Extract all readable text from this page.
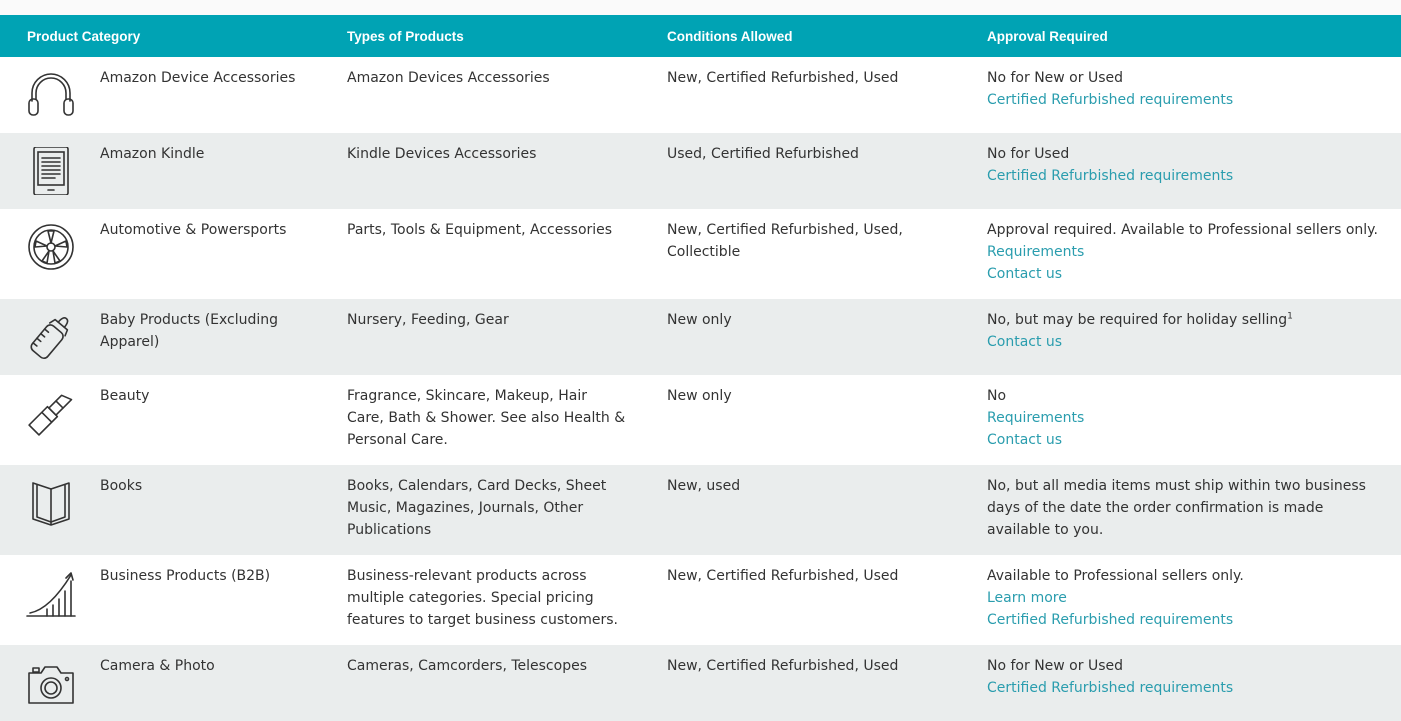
Product Category	Types of Products	Conditions Allowed	Approval Required

Amazon Device Accessories	Amazon Devices Accessories	New, Certified Refurbished, Used	No for New or Used
Certified Refurbished requirements

Amazon Kindle	Kindle Devices Accessories	Used, Certified Refurbished	No for Used
Certified Refurbished requirements

Automotive & Powersports	Parts, Tools & Equipment, Accessories	New, Certified Refurbished, Used, Collectible	Approval required. Available to Professional sellers only.
Requirements
Contact us

Baby Products (Excluding Apparel)	Nursery, Feeding, Gear	New only	No, but may be required for holiday selling$^1$
Contact us

Beauty	Fragrance, Skincare, Makeup, Hair Care, Bath & Shower. See also Health & Personal Care.	New only	No
Requirements
Contact us

Books	Books, Calendars, Card Decks, Sheet Music, Magazines, Journals, Other Publications	New, used	No, but all media items must ship within two business days of the date the order confirmation is made available to you.

Business Products (B2B)	Business-relevant products across multiple categories. Special pricing features to target business customers.	New, Certified Refurbished, Used	Available to Professional sellers only.
Learn more
Certified Refurbished requirements

Camera & Photo	Cameras, Camcorders, Telescopes	New, Certified Refurbished, Used	No for New or Used
Certified Refurbished requirements
